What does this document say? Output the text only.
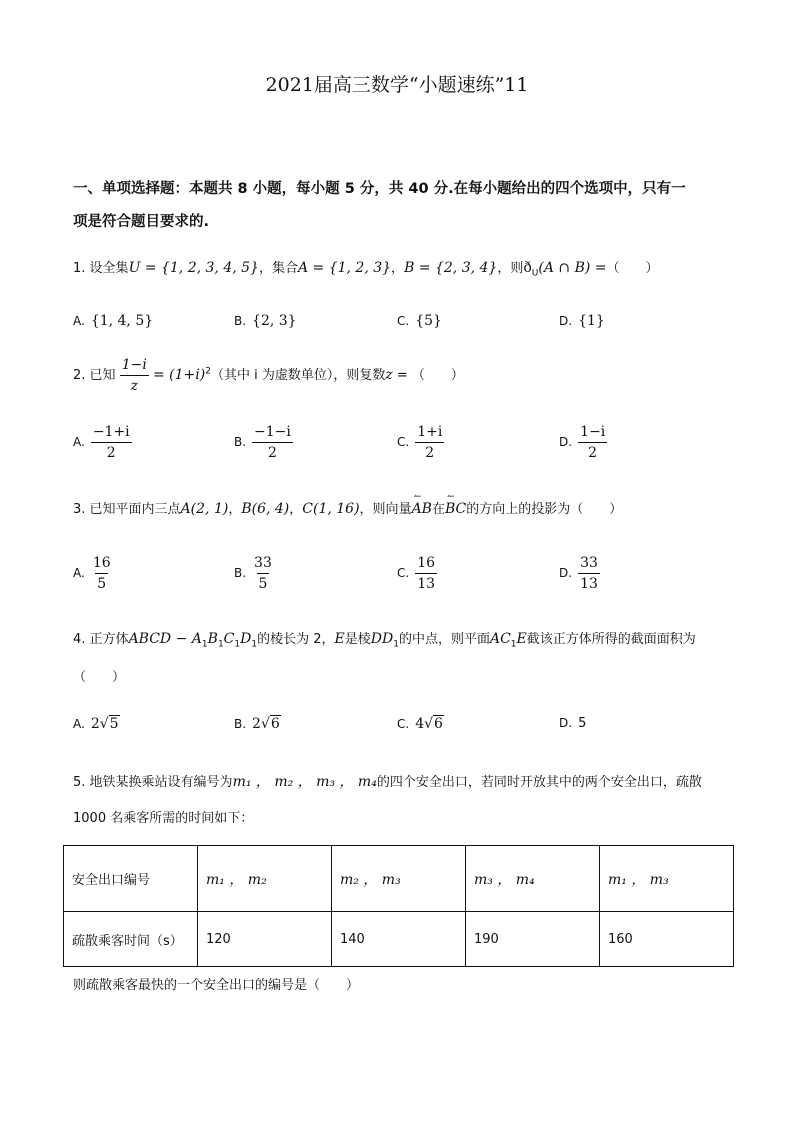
2021届高三数学“小题速练”11
一、单项选择题：本题共 8 小题，每小题 5 分，共 40 分.在每小题给出的四个选项中，只有一
项是符合题目要求的.
1. 设全集U = {1, 2, 3, 4, 5}，集合A = {1, 2, 3}，B = {2, 3, 4}，则$ð_U(A$ ∩ B) =（　　）
A. {1, 4, 5}	B. {2, 3}	C. {5}	D. {1}
2. 已知 $\frac{1-i}{z} = (1+i)^2$（其中 i 为虚数单位），则复数z = （　　）
A. $\frac{-1+i}{2}$	B. $\frac{-1-i}{2}$	C. $\frac{1+i}{2}$	D. $\frac{1-i}{2}$
3. 已知平面内三点A(2, 1)，B(6, 4)，C(1, 16)，则向量↼ AB在↼ BC的方向上的投影为（　　）
A. $\frac{16}{5}$	B. $\frac{33}{5}$	C. $\frac{16}{13}$	D. $\frac{33}{13}$
4. 正方体ABCD − $A_1B_1C_1D_1$的棱长为 2，E是棱$DD_1$的中点，则平面$AC_1E$截该正方体所得的截面面积为
（　　）
A. 2√5	B. 2√6	C. 4√6	D. 5
5. 地铁某换乘站设有编号为m₁ ， m₂ ， m₃ ， m₄的四个安全出口，若同时开放其中的两个安全出口，疏散
1000 名乘客所需的时间如下：
安全出口编号	m₁ ， m₂	m₂ ， m₃	m₃ ， m₄	m₁ ， m₃
疏散乘客时间（s）	120	140	190	160
则疏散乘客最快的一个安全出口的编号是（　　）
